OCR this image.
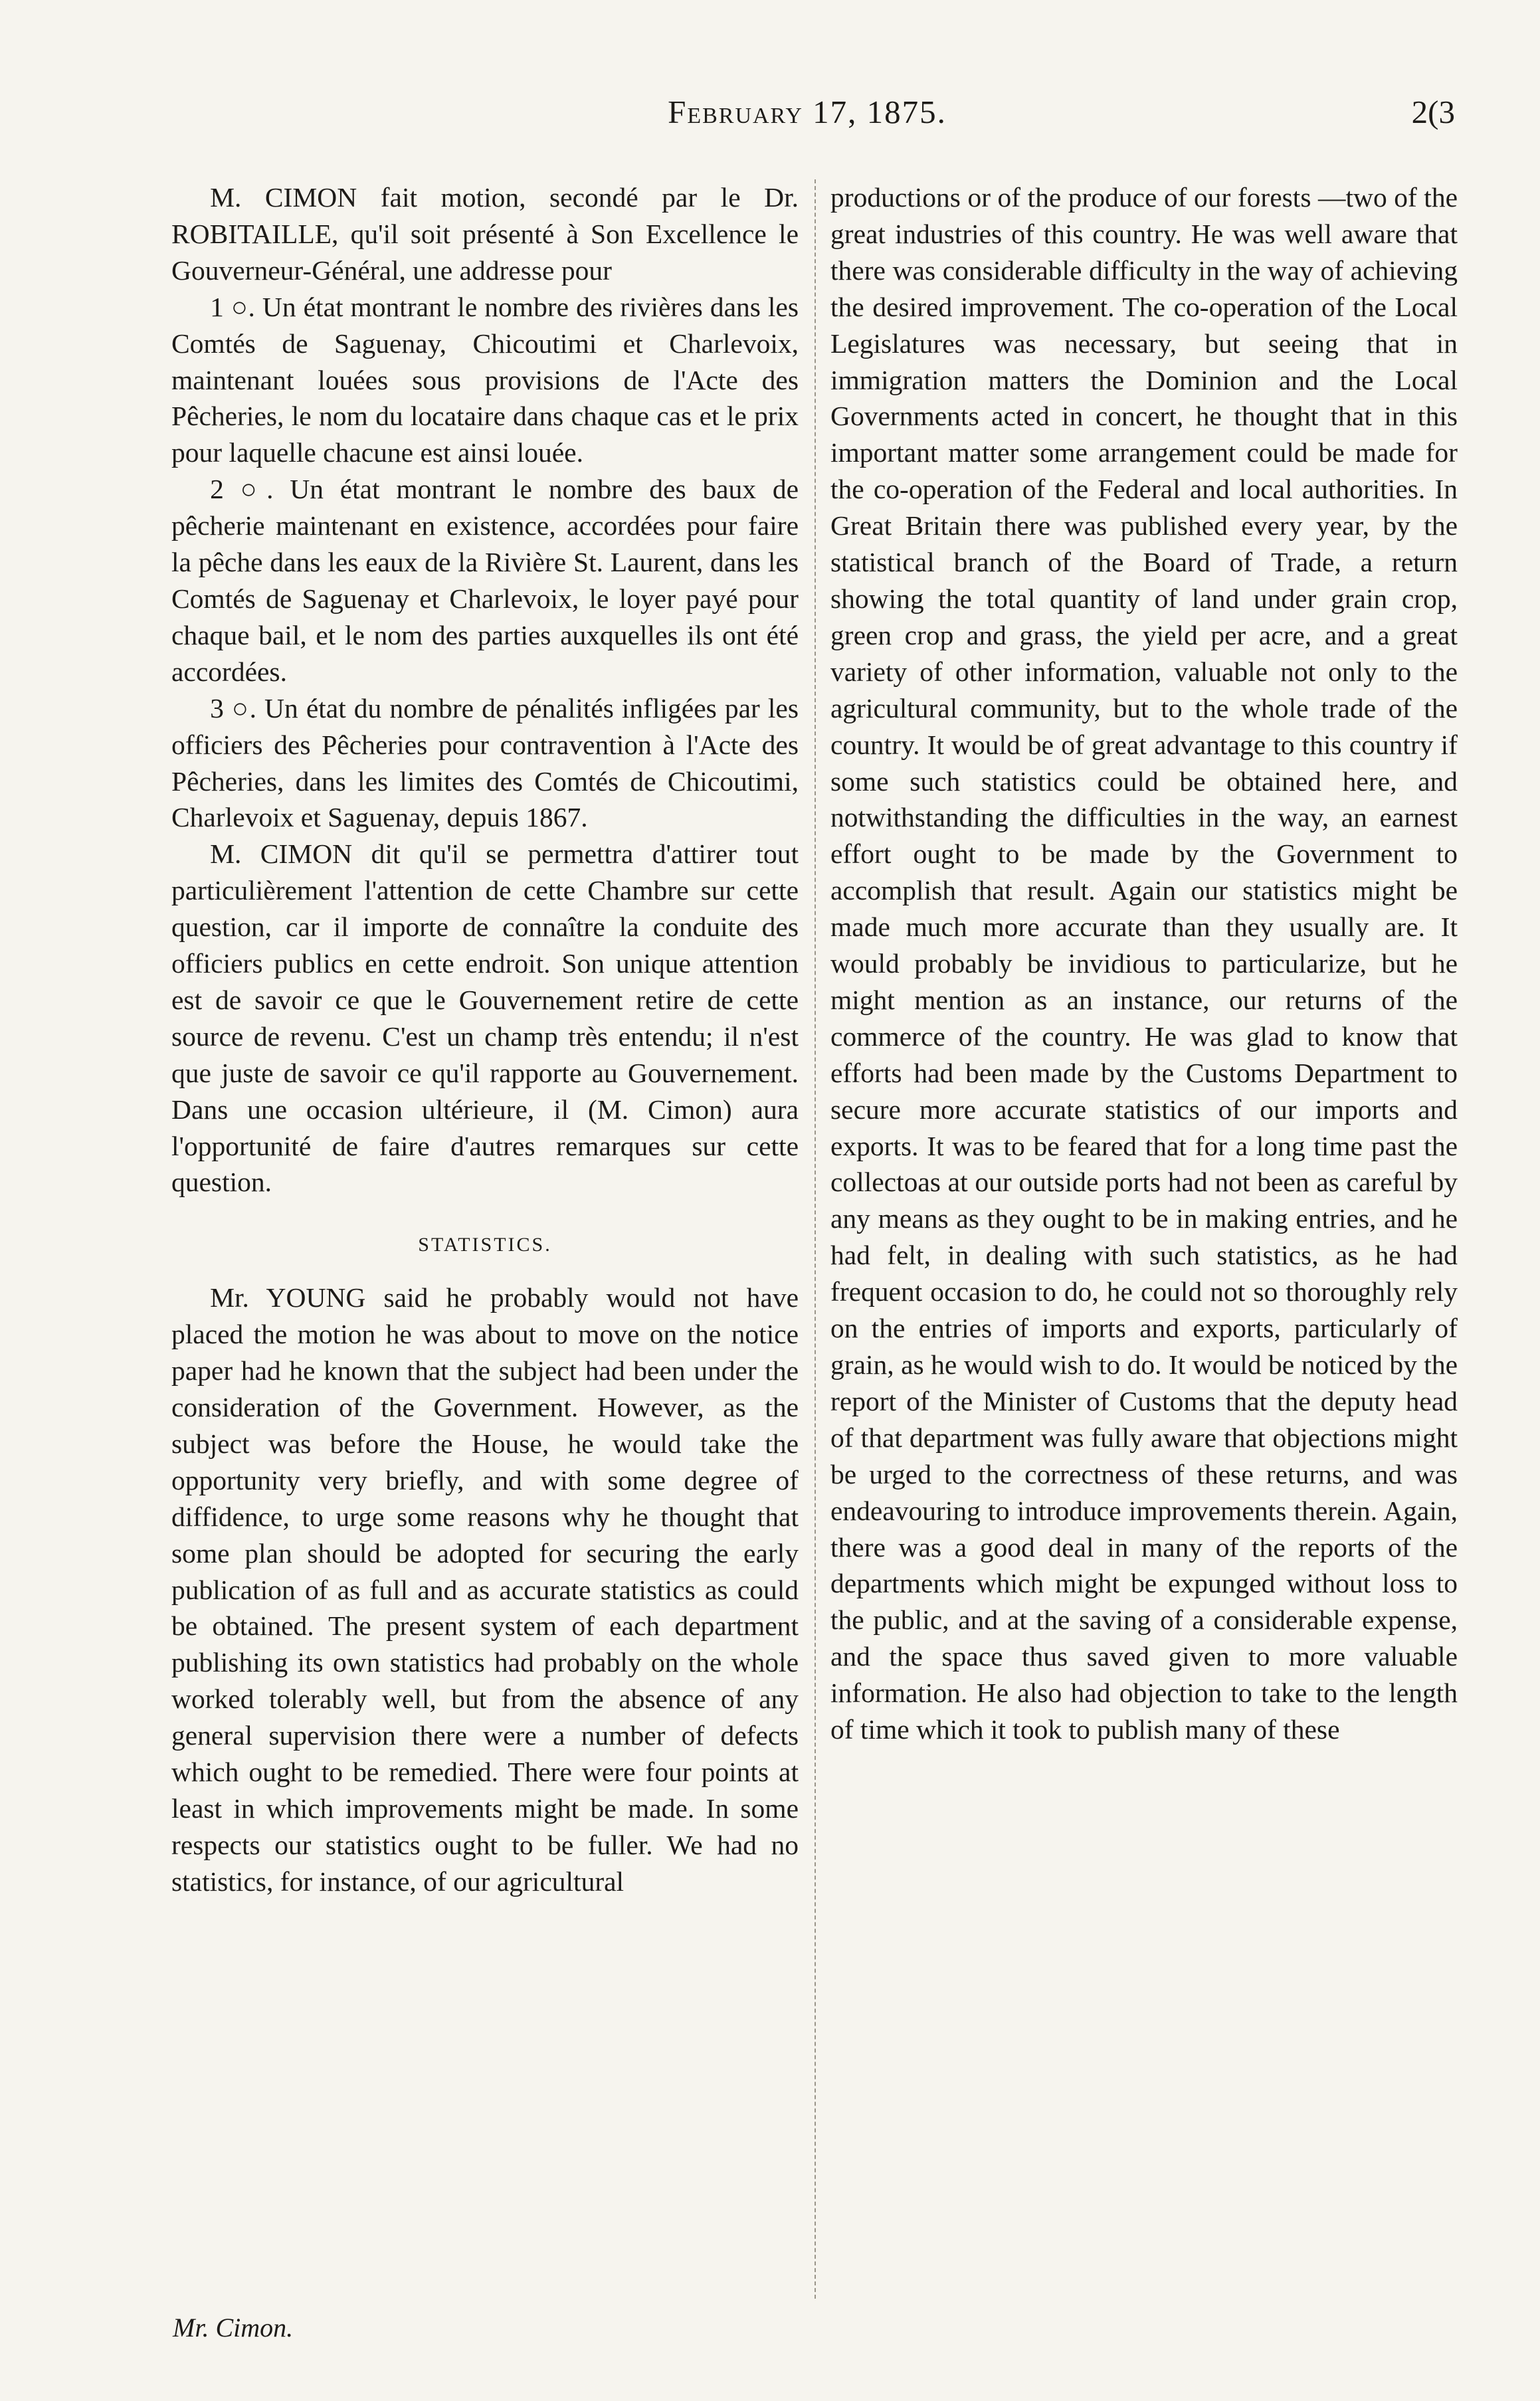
February 17, 1875.	2(3

M. CIMON fait motion, secondé par le Dr. ROBITAILLE, qu'il soit présenté à Son Excellence le Gouverneur-Général, une addresse pour

1 ○. Un état montrant le nombre des rivières dans les Comtés de Saguenay, Chicoutimi et Charlevoix, maintenant louées sous provisions de l'Acte des Pêcheries, le nom du locataire dans chaque cas et le prix pour laquelle chacune est ainsi louée.

2 ○. Un état montrant le nombre des baux de pêcherie maintenant en existence, accordées pour faire la pêche dans les eaux de la Rivière St. Laurent, dans les Comtés de Saguenay et Charlevoix, le loyer payé pour chaque bail, et le nom des parties auxquelles ils ont été accordées.

3 ○. Un état du nombre de pénalités infligées par les officiers des Pêcheries pour contravention à l'Acte des Pêcheries, dans les limites des Comtés de Chicoutimi, Charlevoix et Saguenay, depuis 1867.

M. CIMON dit qu'il se permettra d'attirer tout particulièrement l'attention de cette Chambre sur cette question, car il importe de connaître la conduite des officiers publics en cette endroit. Son unique attention est de savoir ce que le Gouvernement retire de cette source de revenu. C'est un champ très entendu; il n'est que juste de savoir ce qu'il rapporte au Gouvernement. Dans une occasion ultérieure, il (M. Cimon) aura l'opportunité de faire d'autres remarques sur cette question.

STATISTICS.

Mr. YOUNG said he probably would not have placed the motion he was about to move on the notice paper had he known that the subject had been under the consideration of the Government. However, as the subject was before the House, he would take the opportunity very briefly, and with some degree of diffidence, to urge some reasons why he thought that some plan should be adopted for securing the early publication of as full and as accurate statistics as could be obtained. The present system of each department publishing its own statistics had probably on the whole worked tolerably well, but from the absence of any general supervision there were a number of defects which ought to be remedied. There were four points at least in which improvements might be made. In some respects our statistics ought to be fuller. We had no statistics, for instance, of our agricultural

productions or of the produce of our forests —two of the great industries of this country. He was well aware that there was considerable difficulty in the way of achieving the desired improvement. The co-operation of the Local Legislatures was necessary, but seeing that in immigration matters the Dominion and the Local Governments acted in concert, he thought that in this important matter some arrangement could be made for the co-operation of the Federal and local authorities. In Great Britain there was published every year, by the statistical branch of the Board of Trade, a return showing the total quantity of land under grain crop, green crop and grass, the yield per acre, and a great variety of other information, valuable not only to the agricultural community, but to the whole trade of the country. It would be of great advantage to this country if some such statistics could be obtained here, and notwithstanding the difficulties in the way, an earnest effort ought to be made by the Government to accomplish that result. Again our statistics might be made much more accurate than they usually are. It would probably be invidious to particularize, but he might mention as an instance, our returns of the commerce of the country. He was glad to know that efforts had been made by the Customs Department to secure more accurate statistics of our imports and exports. It was to be feared that for a long time past the collectoas at our outside ports had not been as careful by any means as they ought to be in making entries, and he had felt, in dealing with such statistics, as he had frequent occasion to do, he could not so thoroughly rely on the entries of imports and exports, particularly of grain, as he would wish to do. It would be noticed by the report of the Minister of Customs that the deputy head of that department was fully aware that objections might be urged to the correctness of these returns, and was endeavouring to introduce improvements therein. Again, there was a good deal in many of the reports of the departments which might be expunged without loss to the public, and at the saving of a considerable expense, and the space thus saved given to more valuable information. He also had objection to take to the length of time which it took to publish many of these

Mr. Cimon.
